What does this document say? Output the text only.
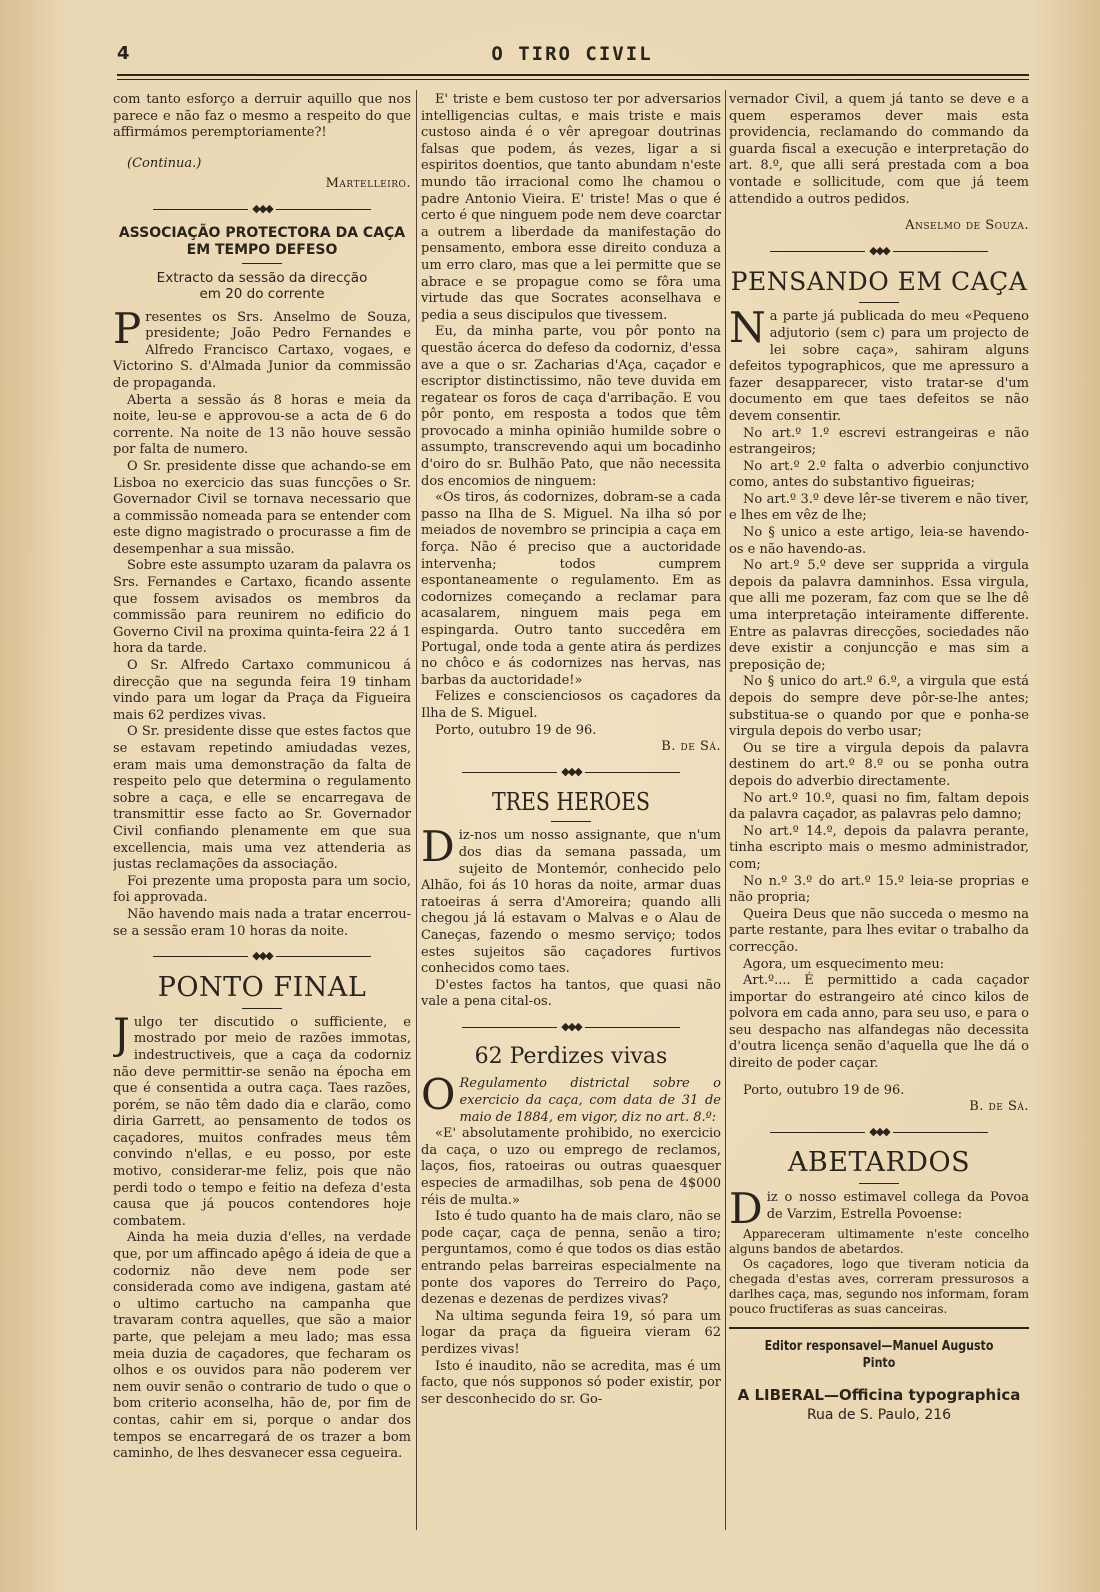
4	O TIRO CIVIL

com tanto esforço a derruir aquillo que nos parece e não faz o mesmo a respeito do que affirmámos peremptoriamente?!

(Continua.)

Martelleiro.

◆◆◆
ASSOCIAÇÃO PROTECTORA DA CAÇA
EM TEMPO DEFESO
Extracto da sessão da direcção
em 20 do corrente

Presentes os Srs. Anselmo de Souza, presidente; João Pedro Fernandes e Alfredo Francisco Cartaxo, vogaes, e Victorino S. d'Almada Junior da commissão de propaganda.

Aberta a sessão ás 8 horas e meia da noite, leu-se e approvou-se a acta de 6 do corrente. Na noite de 13 não houve sessão por falta de numero.

O Sr. presidente disse que achando-se em Lisboa no exercicio das suas funcções o Sr. Governador Civil se tornava necessario que a commissão nomeada para se entender com este digno magistrado o procurasse a fim de desempenhar a sua missão.

Sobre este assumpto uzaram da palavra os Srs. Fernandes e Cartaxo, ficando assente que fossem avisados os membros da commissão para reunirem no edificio do Governo Civil na proxima quinta-feira 22 á 1 hora da tarde.

O Sr. Alfredo Cartaxo communicou á direcção que na segunda feira 19 tinham vindo para um logar da Praça da Figueira mais 62 perdizes vivas.

O Sr. presidente disse que estes factos que se estavam repetindo amiudadas vezes, eram mais uma demonstração da falta de respeito pelo que determina o regulamento sobre a caça, e elle se encarregava de transmittir esse facto ao Sr. Governador Civil confiando plenamente em que sua excellencia, mais uma vez attenderia as justas reclamações da associação.

Foi prezente uma proposta para um socio, foi approvada.

Não havendo mais nada a tratar encerrou-se a sessão eram 10 horas da noite.

◆◆◆
PONTO FINAL

Julgo ter discutido o sufficiente, e mostrado por meio de razões immotas, indestructiveis, que a caça da codorniz não deve permittir-se senão na épocha em que é consentida a outra caça. Taes razões, porém, se não têm dado dia e clarão, como diria Garrett, ao pensamento de todos os caçadores, muitos confrades meus têm convindo n'ellas, e eu posso, por este motivo, considerar-me feliz, pois que não perdi todo o tempo e feitio na defeza d'esta causa que já poucos contendores hoje combatem.

Ainda ha meia duzia d'elles, na verdade que, por um affincado apêgo á ideia de que a codorniz não deve nem pode ser considerada como ave indigena, gastam até o ultimo cartucho na campanha que travaram contra aquelles, que são a maior parte, que pelejam a meu lado; mas essa meia duzia de caçadores, que fecharam os olhos e os ouvidos para não poderem ver nem ouvir senão o contrario de tudo o que o bom criterio aconselha, hão de, por fim de contas, cahir em si, porque o andar dos tempos se encarregará de os trazer a bom caminho, de lhes desvanecer essa cegueira.

E' triste e bem custoso ter por adversarios intelligencias cultas, e mais triste e mais custoso ainda é o vêr apregoar doutrinas falsas que podem, ás vezes, ligar a si espiritos doentios, que tanto abundam n'este mundo tão irracional como lhe chamou o padre Antonio Vieira. E' triste! Mas o que é certo é que ninguem pode nem deve coarctar a outrem a liberdade da manifestação do pensamento, embora esse direito conduza a um erro claro, mas que a lei permitte que se abrace e se propague como se fôra uma virtude das que Socrates aconselhava e pedia a seus discipulos que tivessem.

Eu, da minha parte, vou pôr ponto na questão ácerca do defeso da codorniz, d'essa ave a que o sr. Zacharias d'Aça, caçador e escriptor distinctissimo, não teve duvida em regatear os foros de caça d'arribação. E vou pôr ponto, em resposta a todos que têm provocado a minha opinião humilde sobre o assumpto, transcrevendo aqui um bocadinho d'oiro do sr. Bulhão Pato, que não necessita dos encomios de ninguem:

«Os tiros, ás codornizes, dobram-se a cada passo na Ilha de S. Miguel. Na ilha só por meiados de novembro se principia a caça em força. Não é preciso que a auctoridade intervenha; todos cumprem espontaneamente o regulamento. Em as codornizes começando a reclamar para acasalarem, ninguem mais pega em espingarda. Outro tanto succedêra em Portugal, onde toda a gente atira ás perdizes no chôco e ás codornizes nas hervas, nas barbas da auctoridade!»

Felizes e conscienciosos os caçadores da Ilha de S. Miguel.

Porto, outubro 19 de 96.

B. de Sá.

◆◆◆
TRES HEROES

Diz-nos um nosso assignante, que n'um dos dias da semana passada, um sujeito de Montemór, conhecido pelo Alhão, foi ás 10 horas da noite, armar duas ratoeiras á serra d'Amoreira; quando alli chegou já lá estavam o Malvas e o Alau de Caneças, fazendo o mesmo serviço; todos estes sujeitos são caçadores furtivos conhecidos como taes.

D'estes factos ha tantos, que quasi não vale a pena cital-os.

◆◆◆
62 Perdizes vivas

O Regulamento districtal sobre o exercicio da caça, com data de 31 de maio de 1884, em vigor, diz no art. 8.º:

«E' absolutamente prohibido, no exercicio da caça, o uzo ou emprego de reclamos, laços, fios, ratoeiras ou outras quaesquer especies de armadilhas, sob pena de 4$000 réis de multa.»

Isto é tudo quanto ha de mais claro, não se pode caçar, caça de penna, senão a tiro; perguntamos, como é que todos os dias estão entrando pelas barreiras especialmente na ponte dos vapores do Terreiro do Paço, dezenas e dezenas de perdizes vivas?

Na ultima segunda feira 19, só para um logar da praça da figueira vieram 62 perdizes vivas!

Isto é inaudito, não se acredita, mas é um facto, que nós supponos só poder existir, por ser desconhecido do sr. Go-

vernador Civil, a quem já tanto se deve e a quem esperamos dever mais esta providencia, reclamando do commando da guarda fiscal a execução e interpretação do art. 8.º, que alli será prestada com a boa vontade e sollicitude, com que já teem attendido a outros pedidos.

Anselmo de Souza.

◆◆◆
PENSANDO EM CAÇA

Na parte já publicada do meu «Pequeno adjutorio (sem c) para um projecto de lei sobre caça», sahiram alguns defeitos typographicos, que me apressuro a fazer desapparecer, visto tratar-se d'um documento em que taes defeitos se não devem consentir.

No art.º 1.º escrevi estrangeiras e não estrangeiros;

No art.º 2.º falta o adverbio conjunctivo como, antes do substantivo figueiras;

No art.º 3.º deve lêr-se tiverem e não tiver, e lhes em vêz de lhe;

No § unico a este artigo, leia-se havendo-os e não havendo-as.

No art.º 5.º deve ser supprida a virgula depois da palavra damninhos. Essa virgula, que alli me pozeram, faz com que se lhe dê uma interpretação inteiramente differente. Entre as palavras direcções, sociedades não deve existir a conjuncção e mas sim a preposição de;

No § unico do art.º 6.º, a virgula que está depois do sempre deve pôr-se-lhe antes; substitua-se o quando por que e ponha-se virgula depois do verbo usar;

Ou se tire a virgula depois da palavra destinem do art.º 8.º ou se ponha outra depois do adverbio directamente.

No art.º 10.º, quasi no fim, faltam depois da palavra caçador, as palavras pelo damno;

No art.º 14.º, depois da palavra perante, tinha escripto mais o mesmo administrador, com;

No n.º 3.º do art.º 15.º leia-se proprias e não propria;

Queira Deus que não succeda o mesmo na parte restante, para lhes evitar o trabalho da correcção.

Agora, um esquecimento meu:

Art.º.... É permittido a cada caçador importar do estrangeiro até cinco kilos de polvora em cada anno, para seu uso, e para o seu despacho nas alfandegas não decessita d'outra licença senão d'aquella que lhe dá o direito de poder caçar.

Porto, outubro 19 de 96.

B. de Sá.

◆◆◆
ABETARDOS

Diz o nosso estimavel collega da Povoa de Varzim, Estrella Povoense:

Appareceram ultimamente n'este concelho alguns bandos de abetardos.

Os caçadores, logo que tiveram noticia da chegada d'estas aves, correram pressurosos a darlhes caça, mas, segundo nos informam, foram pouco fructiferas as suas canceiras.

Editor responsavel—Manuel Augusto Pinto
A LIBERAL—Officina typographica
Rua de S. Paulo, 216
